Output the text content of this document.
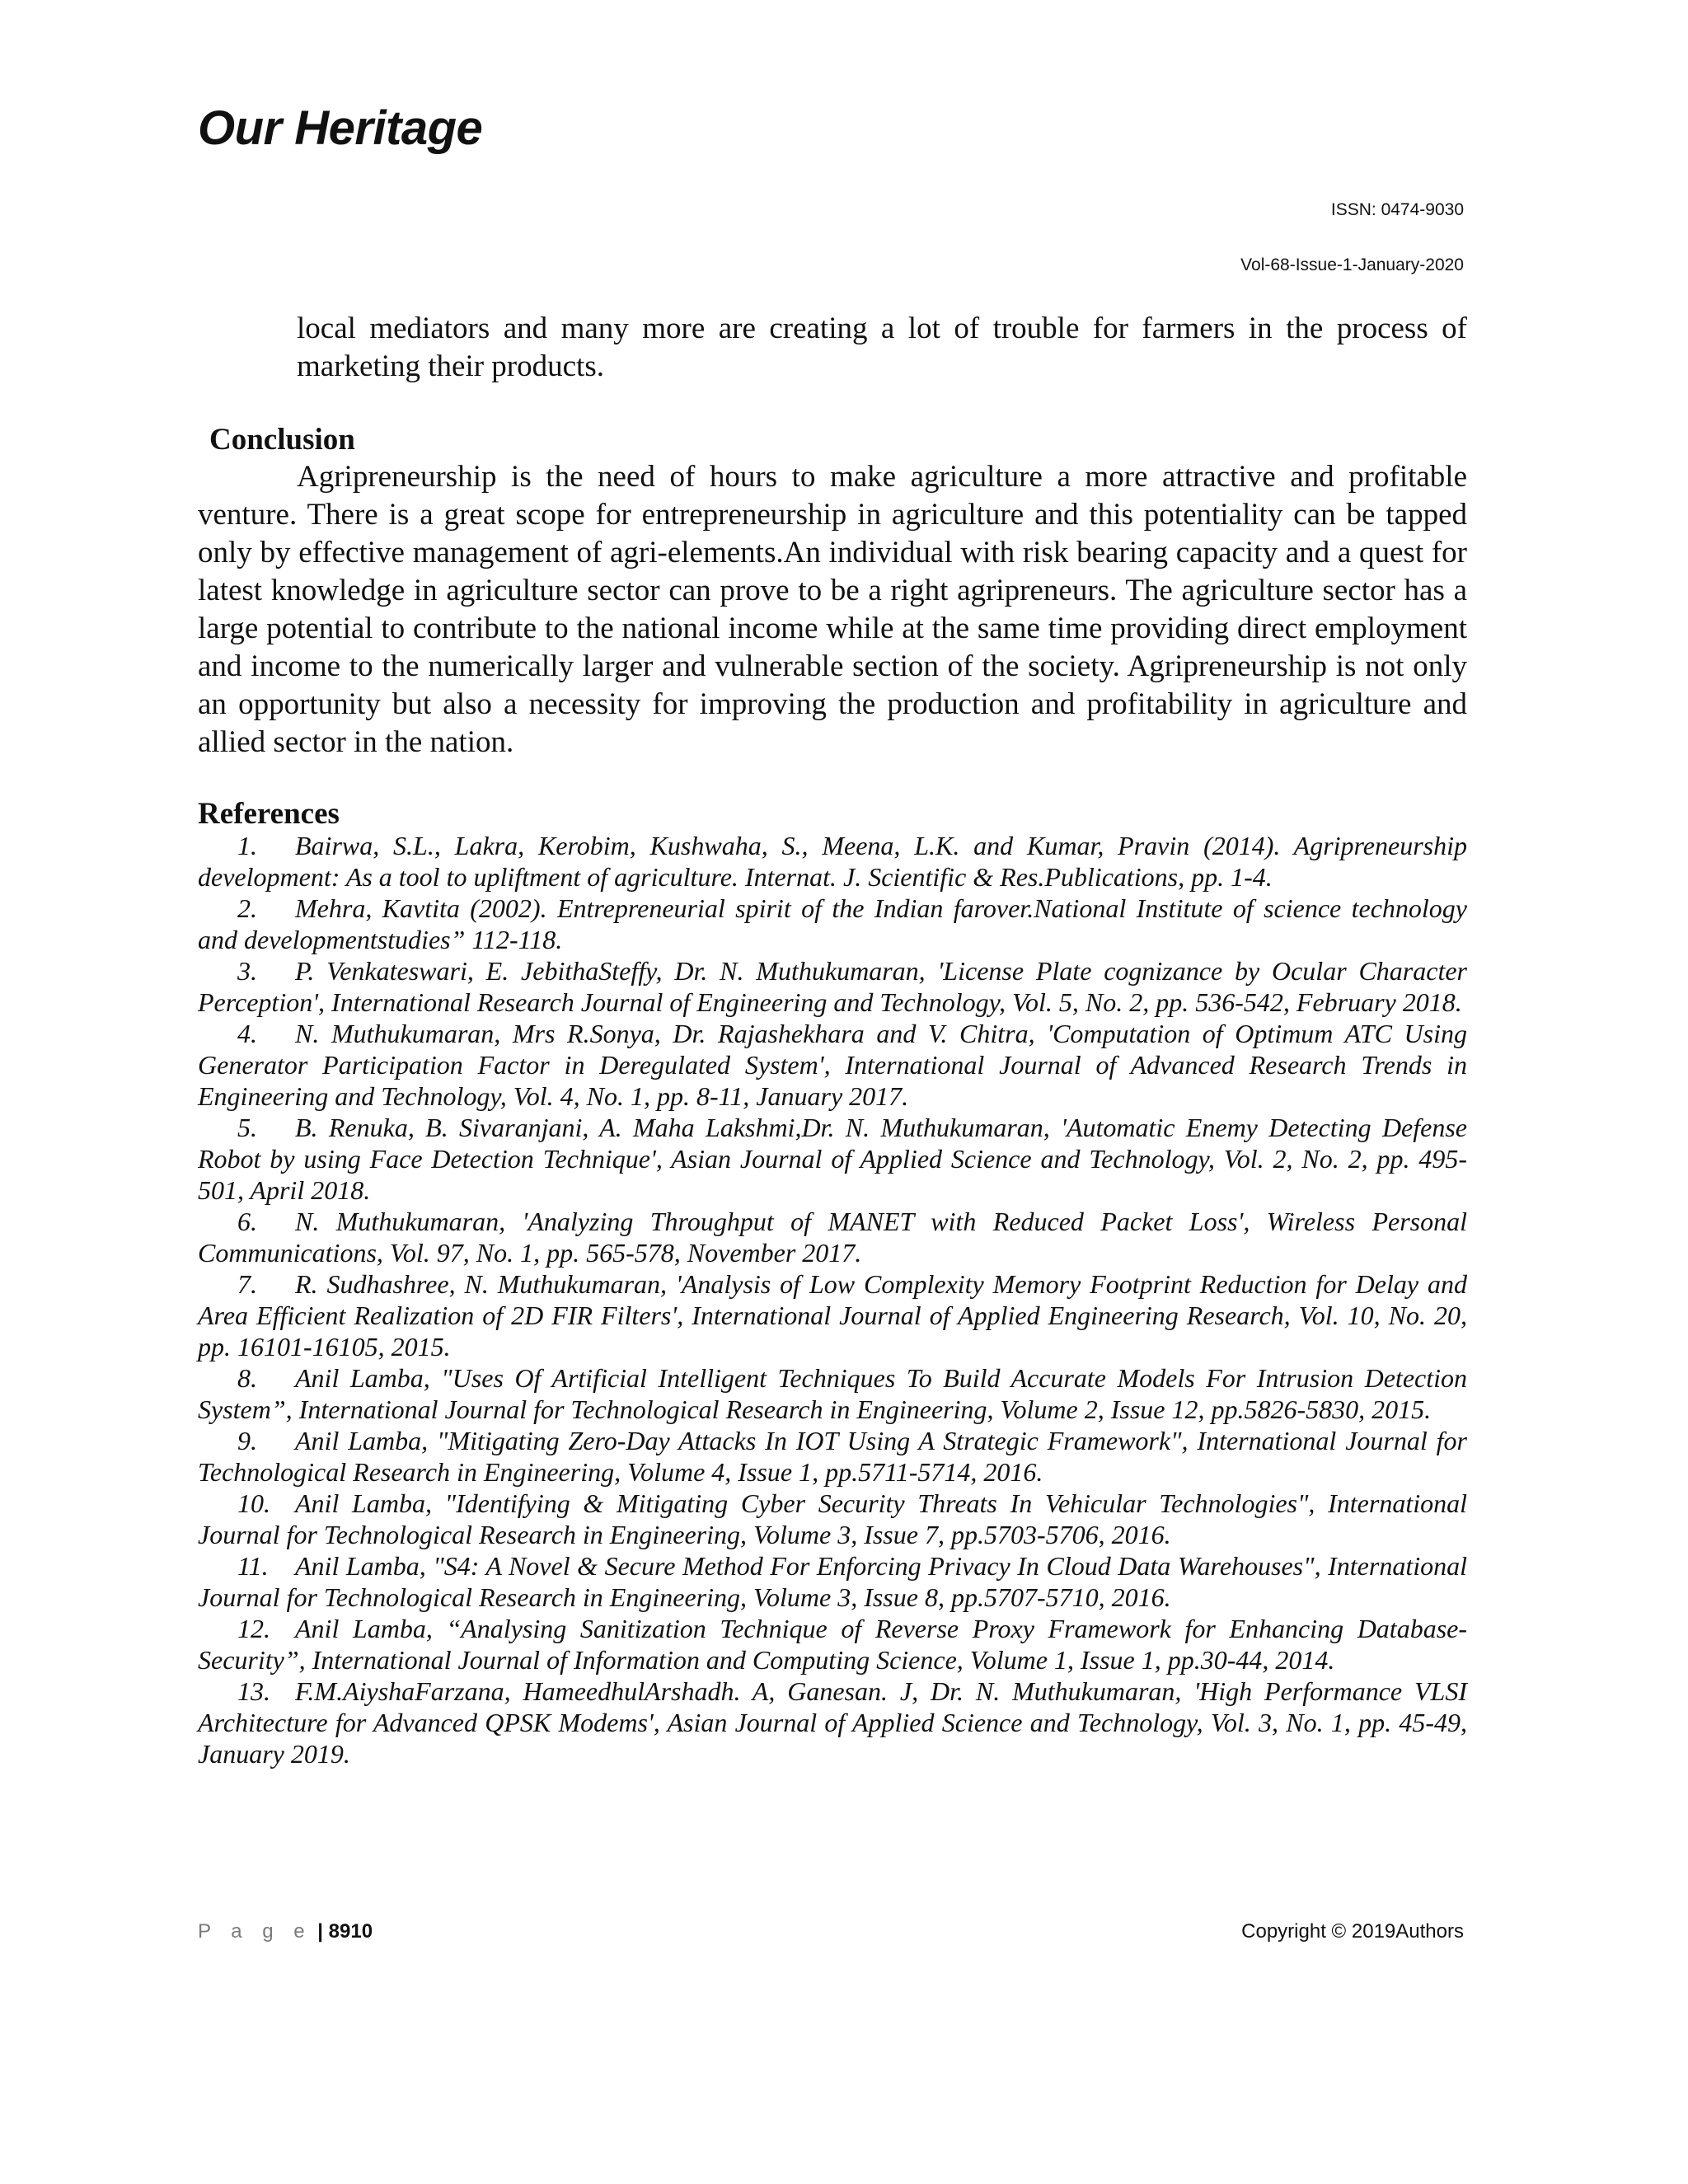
Our Heritage
ISSN: 0474-9030
Vol-68-Issue-1-January-2020

local mediators and many more are creating a lot of trouble for farmers in the process of marketing their products.

Conclusion

Agripreneurship is the need of hours to make agriculture a more attractive and profitable venture. There is a great scope for entrepreneurship in agriculture and this potentiality can be tapped only by effective management of agri-elements.An individual with risk bearing capacity and a quest for latest knowledge in agriculture sector can prove to be a right agripreneurs. The agriculture sector has a large potential to contribute to the national income while at the same time providing direct employment and income to the numerically larger and vulnerable section of the society. Agripreneurship is not only an opportunity but also a necessity for improving the production and profitability in agriculture and allied sector in the nation.

References
1. Bairwa, S.L., Lakra, Kerobim, Kushwaha, S., Meena, L.K. and Kumar, Pravin (2014). Agripreneurship development: As a tool to upliftment of agriculture. Internat. J. Scientific & Res.Publications, pp. 1-4.
2. Mehra, Kavtita (2002). Entrepreneurial spirit of the Indian farover.National Institute of science technology and developmentstudies” 112-118.
3. P. Venkateswari, E. JebithaSteffy, Dr. N. Muthukumaran, 'License Plate cognizance by Ocular Character Perception', International Research Journal of Engineering and Technology, Vol. 5, No. 2, pp. 536-542, February 2018.
4. N. Muthukumaran, Mrs R.Sonya, Dr. Rajashekhara and V. Chitra, 'Computation of Optimum ATC Using Generator Participation Factor in Deregulated System', International Journal of Advanced Research Trends in Engineering and Technology, Vol. 4, No. 1, pp. 8-11, January 2017.
5. B. Renuka, B. Sivaranjani, A. Maha Lakshmi,Dr. N. Muthukumaran, 'Automatic Enemy Detecting Defense Robot by using Face Detection Technique', Asian Journal of Applied Science and Technology, Vol. 2, No. 2, pp. 495-501, April 2018.
6. N. Muthukumaran, 'Analyzing Throughput of MANET with Reduced Packet Loss', Wireless Personal Communications, Vol. 97, No. 1, pp. 565-578, November 2017.
7. R. Sudhashree, N. Muthukumaran, 'Analysis of Low Complexity Memory Footprint Reduction for Delay and Area Efficient Realization of 2D FIR Filters', International Journal of Applied Engineering Research, Vol. 10, No. 20, pp. 16101-16105, 2015.
8. Anil Lamba, "Uses Of Artificial Intelligent Techniques To Build Accurate Models For Intrusion Detection System”, International Journal for Technological Research in Engineering, Volume 2, Issue 12, pp.5826-5830, 2015.
9. Anil Lamba, "Mitigating Zero-Day Attacks In IOT Using A Strategic Framework", International Journal for Technological Research in Engineering, Volume 4, Issue 1, pp.5711-5714, 2016.
10. Anil Lamba, "Identifying & Mitigating Cyber Security Threats In Vehicular Technologies", International Journal for Technological Research in Engineering, Volume 3, Issue 7, pp.5703-5706, 2016.
11. Anil Lamba, "S4: A Novel & Secure Method For Enforcing Privacy In Cloud Data Warehouses", International Journal for Technological Research in Engineering, Volume 3, Issue 8, pp.5707-5710, 2016.
12. Anil Lamba, “Analysing Sanitization Technique of Reverse Proxy Framework for Enhancing Database-Security”, International Journal of Information and Computing Science, Volume 1, Issue 1, pp.30-44, 2014.
13. F.M.AiyshaFarzana, HameedhulArshadh. A, Ganesan. J, Dr. N. Muthukumaran, 'High Performance VLSI Architecture for Advanced QPSK Modems', Asian Journal of Applied Science and Technology, Vol. 3, No. 1, pp. 45-49, January 2019.
P a g e | 8910	Copyright © 2019Authors
